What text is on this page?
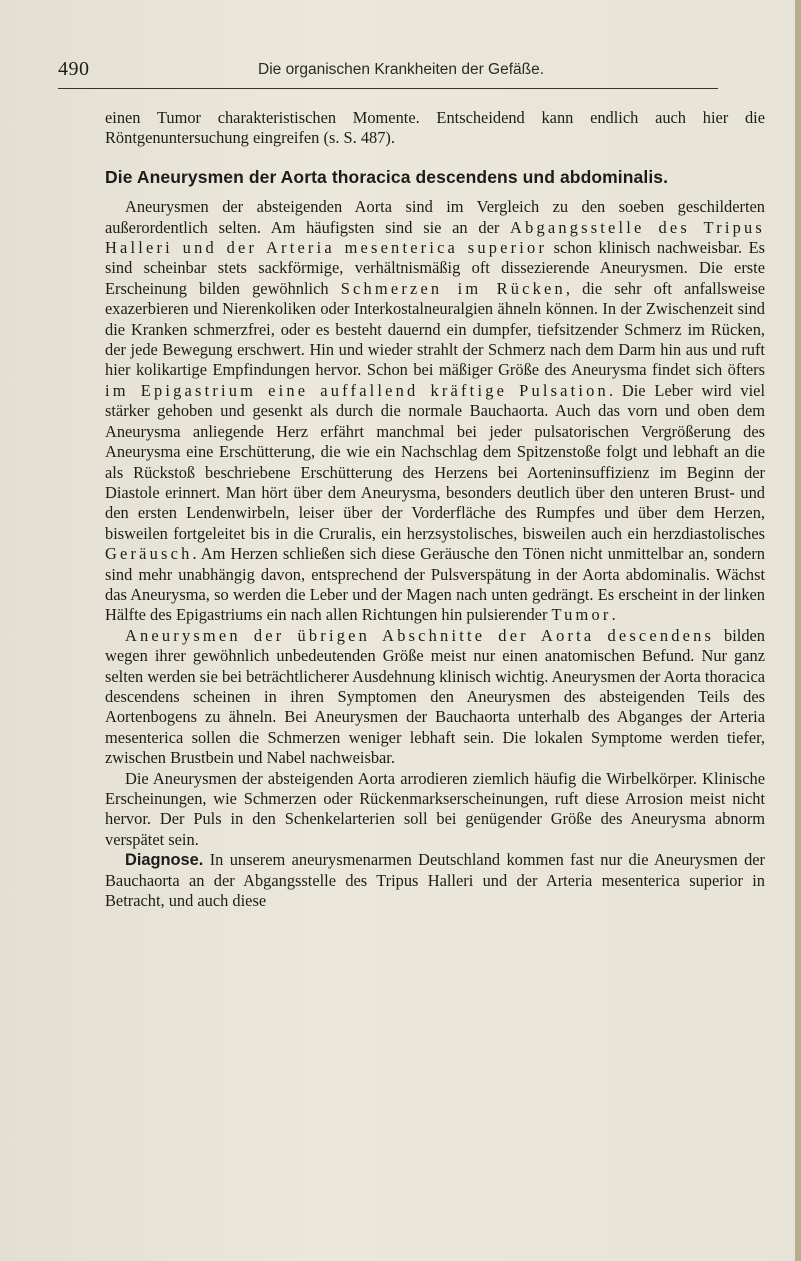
490	Die organischen Krankheiten der Gefäße.

einen Tumor charakteristischen Momente. Entscheidend kann endlich auch hier die Röntgenuntersuchung eingreifen (s. S. 487).

Die Aneurysmen der Aorta thoracica descendens und abdominalis.

Aneurysmen der absteigenden Aorta sind im Vergleich zu den soeben geschilderten außerordentlich selten. Am häufigsten sind sie an der Abgangsstelle des Tripus Halleri und der Arteria mesenterica superior schon klinisch nachweisbar. Es sind scheinbar stets sackförmige, verhältnismäßig oft dissezierende Aneurysmen. Die erste Erscheinung bilden gewöhnlich Schmerzen im Rücken, die sehr oft anfallsweise exazerbieren und Nierenkoliken oder Interkostalneuralgien ähneln können. In der Zwischenzeit sind die Kranken schmerzfrei, oder es besteht dauernd ein dumpfer, tiefsitzender Schmerz im Rücken, der jede Bewegung erschwert. Hin und wieder strahlt der Schmerz nach dem Darm hin aus und ruft hier kolikartige Empfindungen hervor. Schon bei mäßiger Größe des Aneurysma findet sich öfters im Epigastrium eine auffallend kräftige Pulsation. Die Leber wird viel stärker gehoben und gesenkt als durch die normale Bauchaorta. Auch das vorn und oben dem Aneurysma anliegende Herz erfährt manchmal bei jeder pulsatorischen Vergrößerung des Aneurysma eine Erschütterung, die wie ein Nachschlag dem Spitzenstoße folgt und lebhaft an die als Rückstoß beschriebene Erschütterung des Herzens bei Aorteninsuffizienz im Beginn der Diastole erinnert. Man hört über dem Aneurysma, besonders deutlich über den unteren Brust- und den ersten Lendenwirbeln, leiser über der Vorderfläche des Rumpfes und über dem Herzen, bisweilen fortgeleitet bis in die Cruralis, ein herzsystolisches, bisweilen auch ein herzdiastolisches Geräusch. Am Herzen schließen sich diese Geräusche den Tönen nicht unmittelbar an, sondern sind mehr unabhängig davon, entsprechend der Pulsverspätung in der Aorta abdominalis. Wächst das Aneurysma, so werden die Leber und der Magen nach unten gedrängt. Es erscheint in der linken Hälfte des Epigastriums ein nach allen Richtungen hin pulsierender Tumor.

Aneurysmen der übrigen Abschnitte der Aorta descendens bilden wegen ihrer gewöhnlich unbedeutenden Größe meist nur einen anatomischen Befund. Nur ganz selten werden sie bei beträchtlicherer Ausdehnung klinisch wichtig. Aneurysmen der Aorta thoracica descendens scheinen in ihren Symptomen den Aneurysmen des absteigenden Teils des Aortenbogens zu ähneln. Bei Aneurysmen der Bauchaorta unterhalb des Abganges der Arteria mesenterica sollen die Schmerzen weniger lebhaft sein. Die lokalen Symptome werden tiefer, zwischen Brustbein und Nabel nachweisbar.

Die Aneurysmen der absteigenden Aorta arrodieren ziemlich häufig die Wirbelkörper. Klinische Erscheinungen, wie Schmerzen oder Rückenmarkserscheinungen, ruft diese Arrosion meist nicht hervor. Der Puls in den Schenkelarterien soll bei genügender Größe des Aneurysma abnorm verspätet sein.

Diagnose. In unserem aneurysmenarmen Deutschland kommen fast nur die Aneurysmen der Bauchaorta an der Abgangsstelle des Tripus Halleri und der Arteria mesenterica superior in Betracht, und auch diese
